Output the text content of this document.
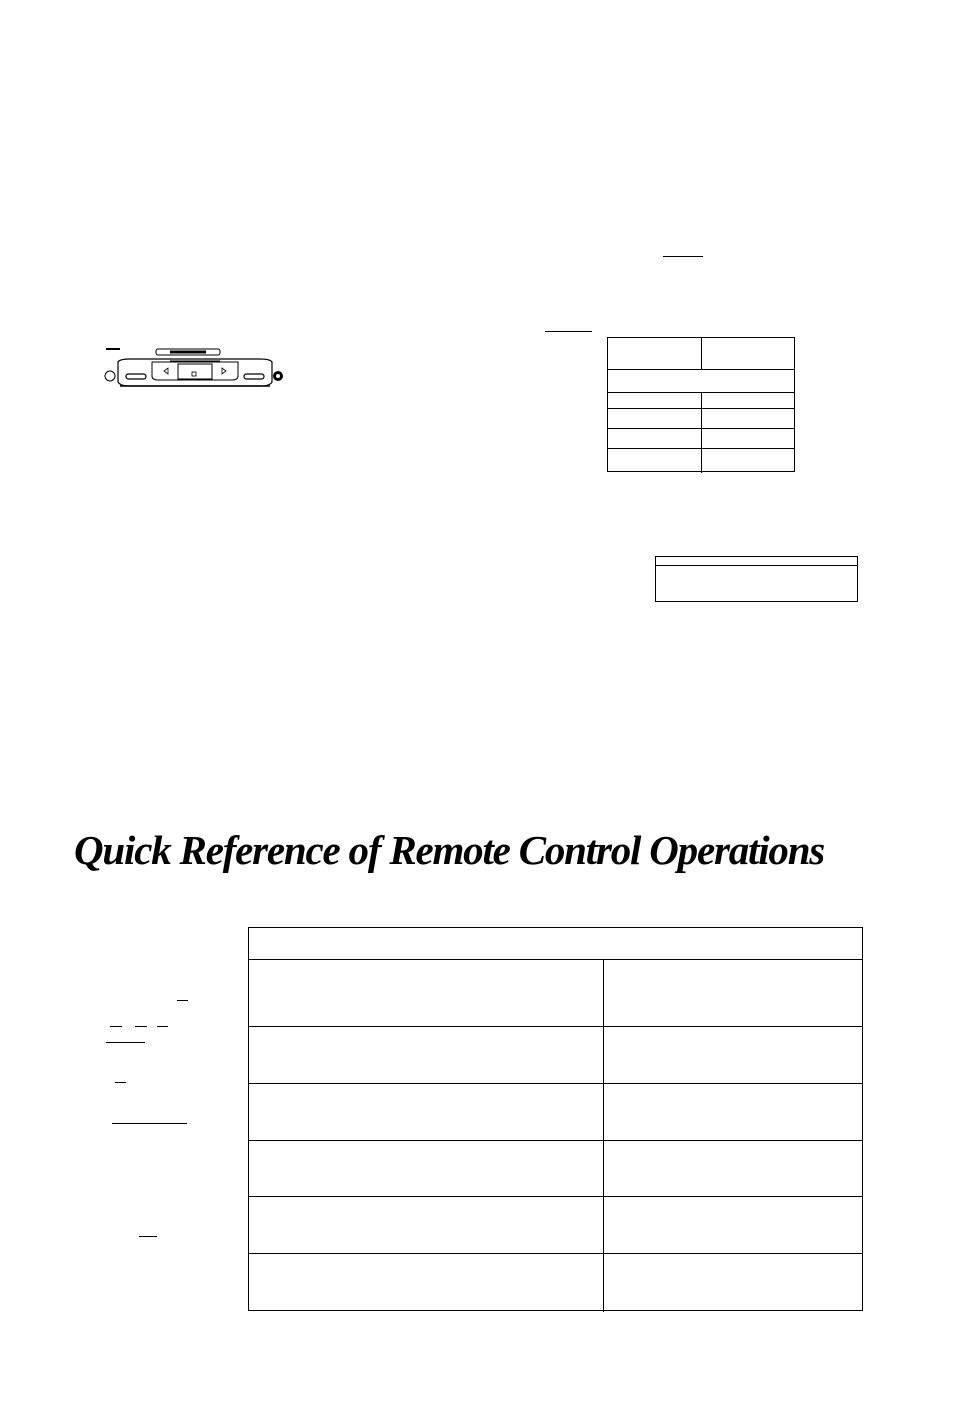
Quick Reference of Remote Control Operations
